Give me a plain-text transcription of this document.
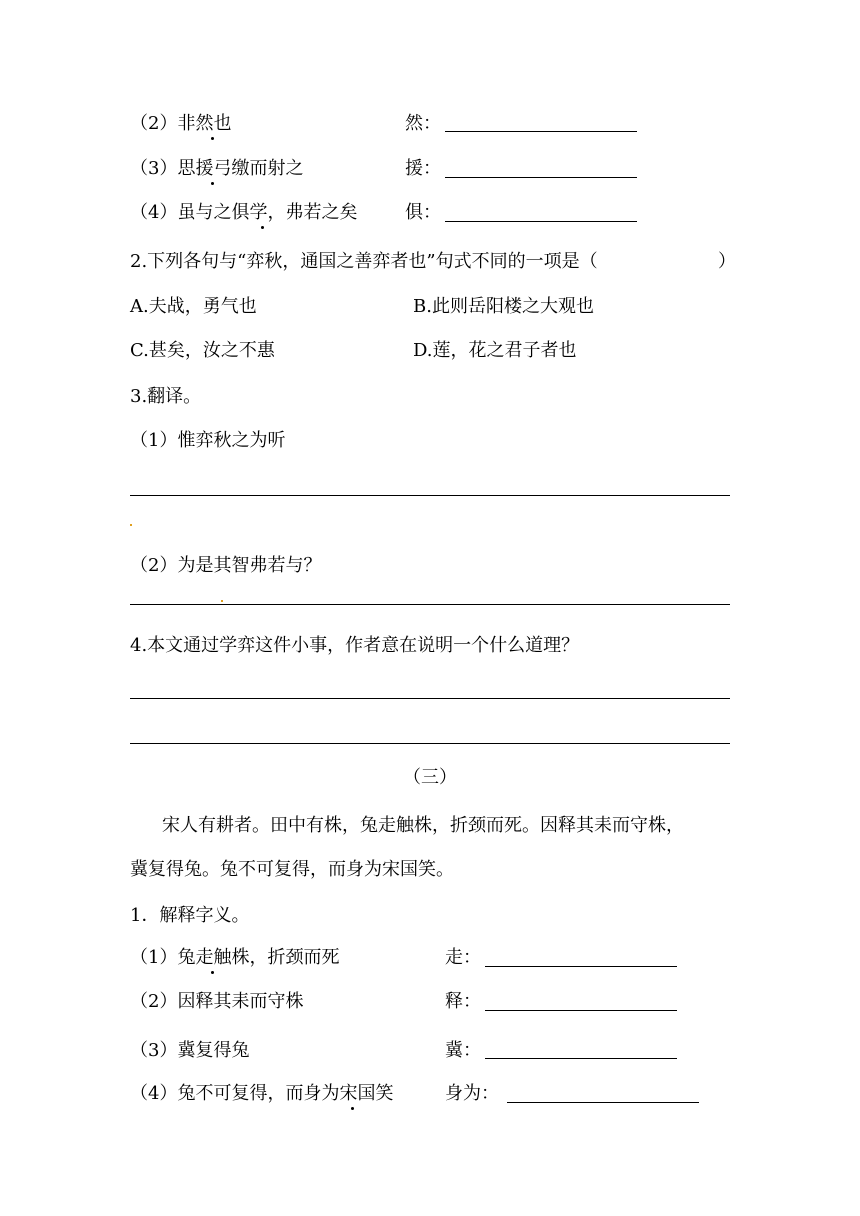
（2）非然也	然：
（3）思援弓缴而射之	援：
（4）虽与之俱学，弗若之矣	俱：
2.下列各句与“弈秋，通国之善弈者也”句式不同的一项是（	）
A.夫战，勇气也	B.此则岳阳楼之大观也
C.甚矣，汝之不惠	D.莲，花之君子者也
3.翻译。
（1）惟弈秋之为听
（2）为是其智弗若与？
4.本文通过学弈这件小事，作者意在说明一个什么道理？
（三）
宋人有耕者。田中有株，兔走触株，折颈而死。因释其耒而守株，
冀复得兔。兔不可复得，而身为宋国笑。
1．解释字义。
（1）兔走触株，折颈而死	走：
（2）因释其耒而守株	释：
（3）冀复得兔	冀：
（4）兔不可复得，而身为宋国笑	身为：
